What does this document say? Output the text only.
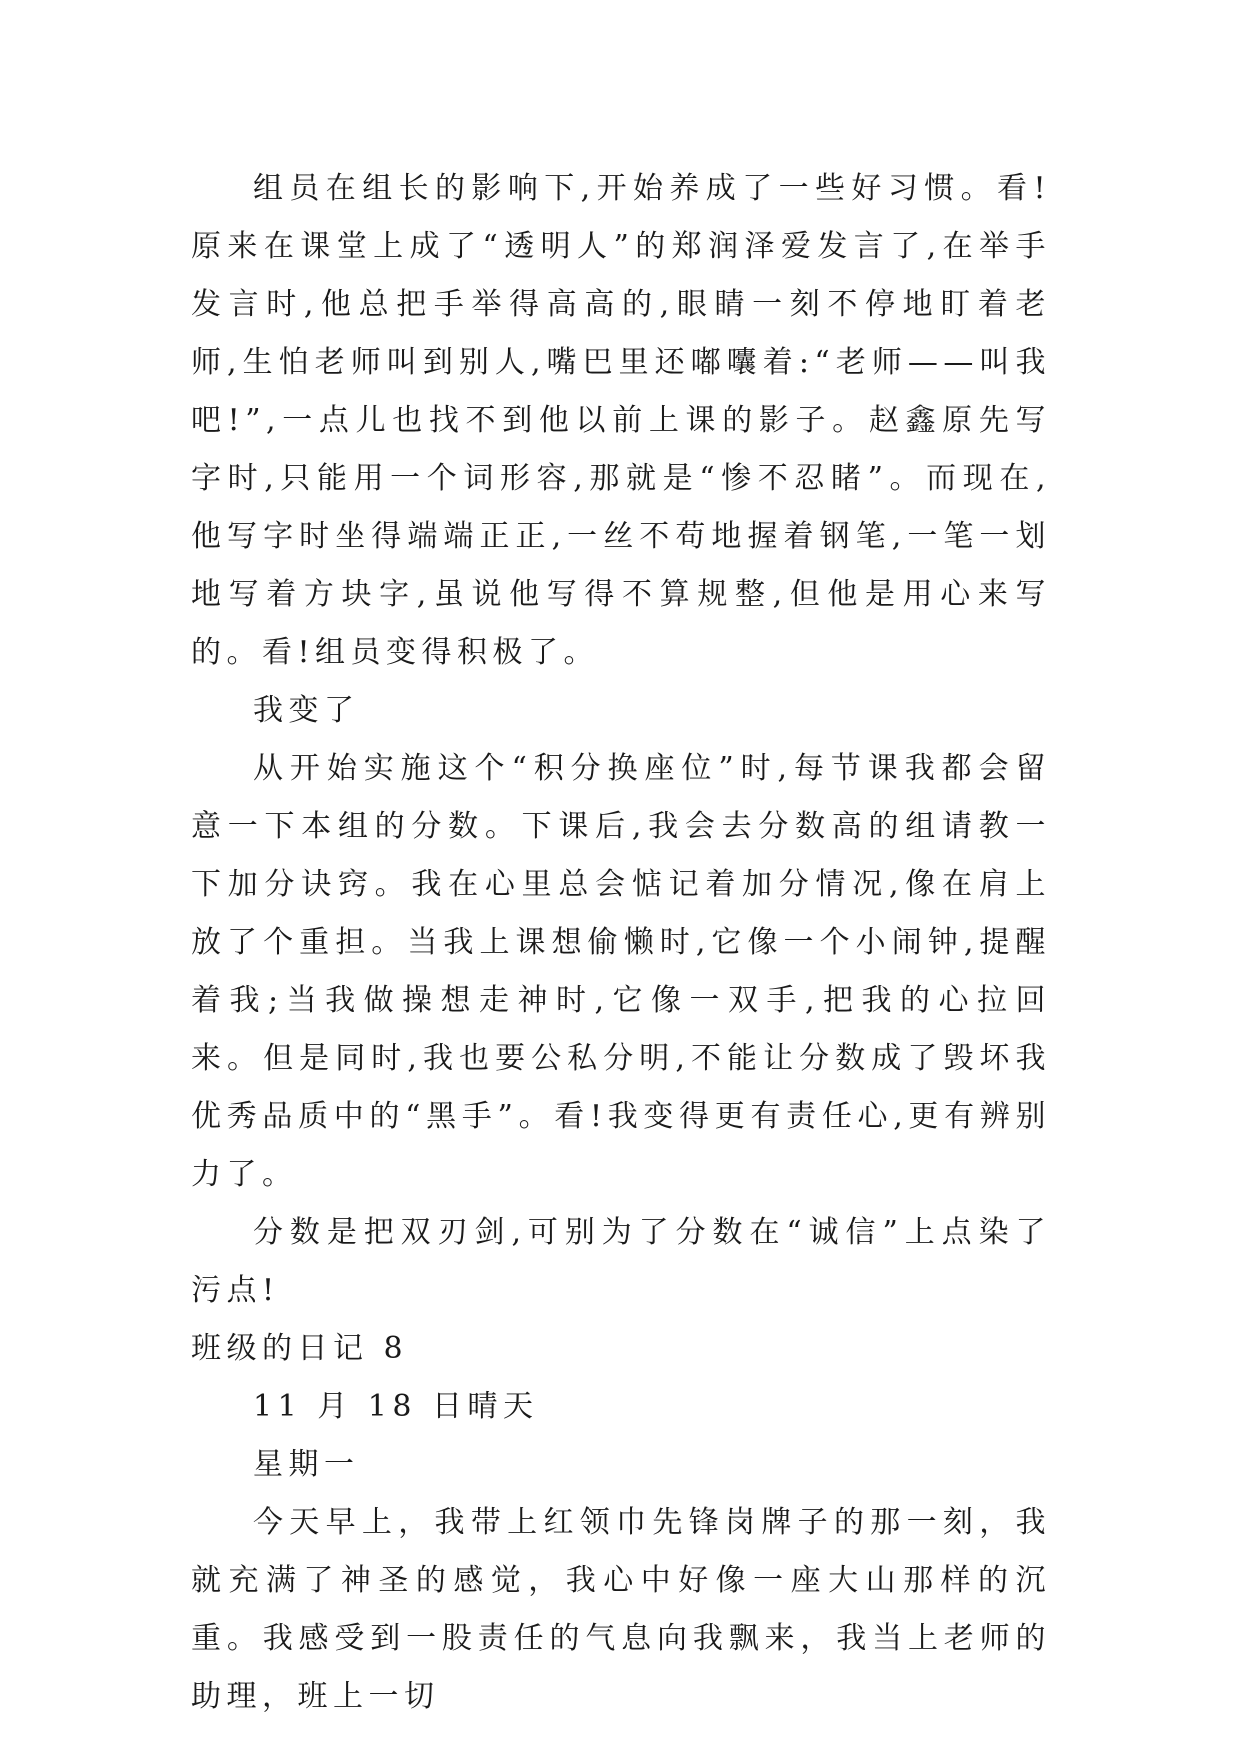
组员在组长的影响下,开始养成了一些好习惯。看!原来在课堂上成了“透明人”的郑润泽爱发言了,在举手发言时,他总把手举得高高的,眼睛一刻不停地盯着老师,生怕老师叫到别人,嘴巴里还嘟囔着:“老师——叫我吧!”,一点儿也找不到他以前上课的影子。赵鑫原先写字时,只能用一个词形容,那就是“惨不忍睹”。而现在,他写字时坐得端端正正,一丝不苟地握着钢笔,一笔一划地写着方块字,虽说他写得不算规整,但他是用心来写的。看!组员变得积极了。

我变了

从开始实施这个“积分换座位”时,每节课我都会留意一下本组的分数。下课后,我会去分数高的组请教一下加分诀窍。我在心里总会惦记着加分情况,像在肩上放了个重担。当我上课想偷懒时,它像一个小闹钟,提醒着我;当我做操想走神时,它像一双手,把我的心拉回来。但是同时,我也要公私分明,不能让分数成了毁坏我优秀品质中的“黑手”。看!我变得更有责任心,更有辨别力了。

分数是把双刃剑,可别为了分数在“诚信”上点染了污点!

班级的日记 8

11 月 18 日晴天

星期一

今天早上，我带上红领巾先锋岗牌子的那一刻，我就充满了神圣的感觉，我心中好像一座大山那样的沉重。我感受到一股责任的气息向我飘来，我当上老师的助理，班上一切
